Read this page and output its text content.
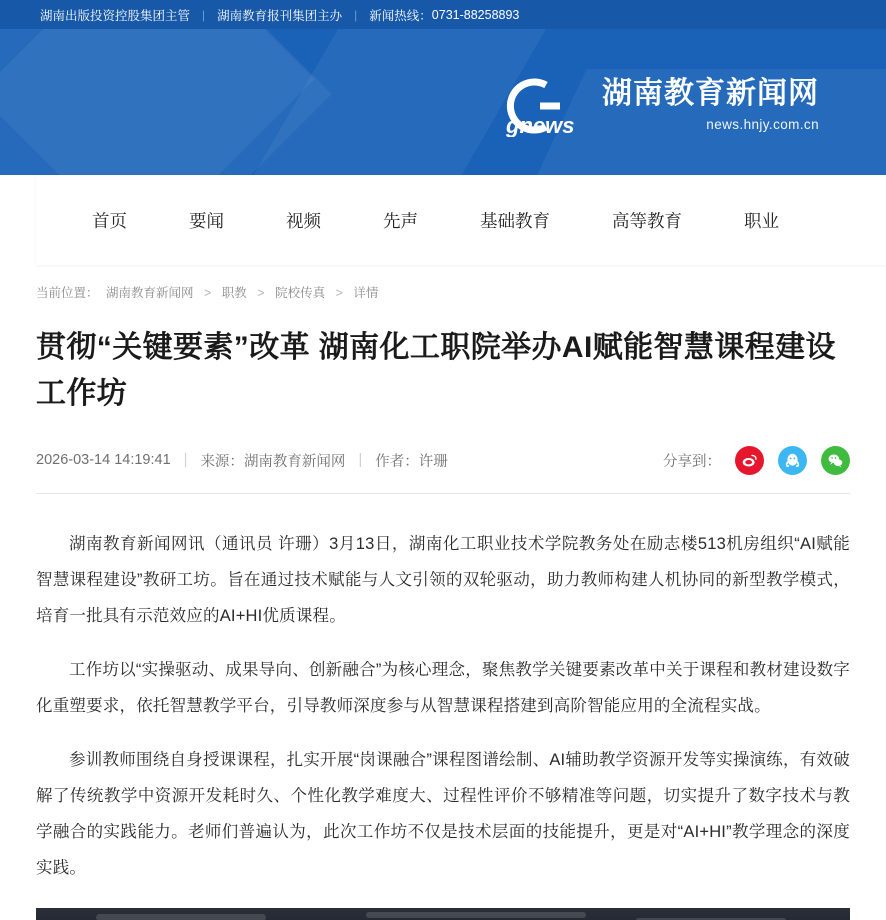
湖南出版投资控股集团主管 | 湖南教育报刊集团主办 | 新闻热线： 0731-88258893
gnews
湖南教育新闻网
news.hnjy.com.cn
首页	要闻	视频	先声	基础教育	高等教育	职业
当前位置： 湖南教育新闻网 > 职教 > 院校传真 > 详情
贯彻“关键要素”改革 湖南化工职院举办AI赋能智慧课程建设工作坊
2026-03-14 14:19:41 | 来源： 湖南教育新闻网 | 作者： 许珊	分享到：

湖南教育新闻网讯（通讯员 许珊）3月13日，湖南化工职业技术学院教务处在励志楼513机房组织“AI赋能智慧课程建设”教研工坊。旨在通过技术赋能与人文引领的双轮驱动，助力教师构建人机协同的新型教学模式，培育一批具有示范效应的AI+HI优质课程。

工作坊以“实操驱动、成果导向、创新融合”为核心理念，聚焦教学关键要素改革中关于课程和教材建设数字化重塑要求，依托智慧教学平台，引导教师深度参与从智慧课程搭建到高阶智能应用的全流程实战。

参训教师围绕自身授课课程，扎实开展“岗课融合”课程图谱绘制、AI辅助教学资源开发等实操演练，有效破解了传统教学中资源开发耗时久、个性化教学难度大、过程性评价不够精准等问题，切实提升了数字技术与教学融合的实践能力。老师们普遍认为，此次工作坊不仅是技术层面的技能提升，更是对“AI+HI”教学理念的深度实践。
